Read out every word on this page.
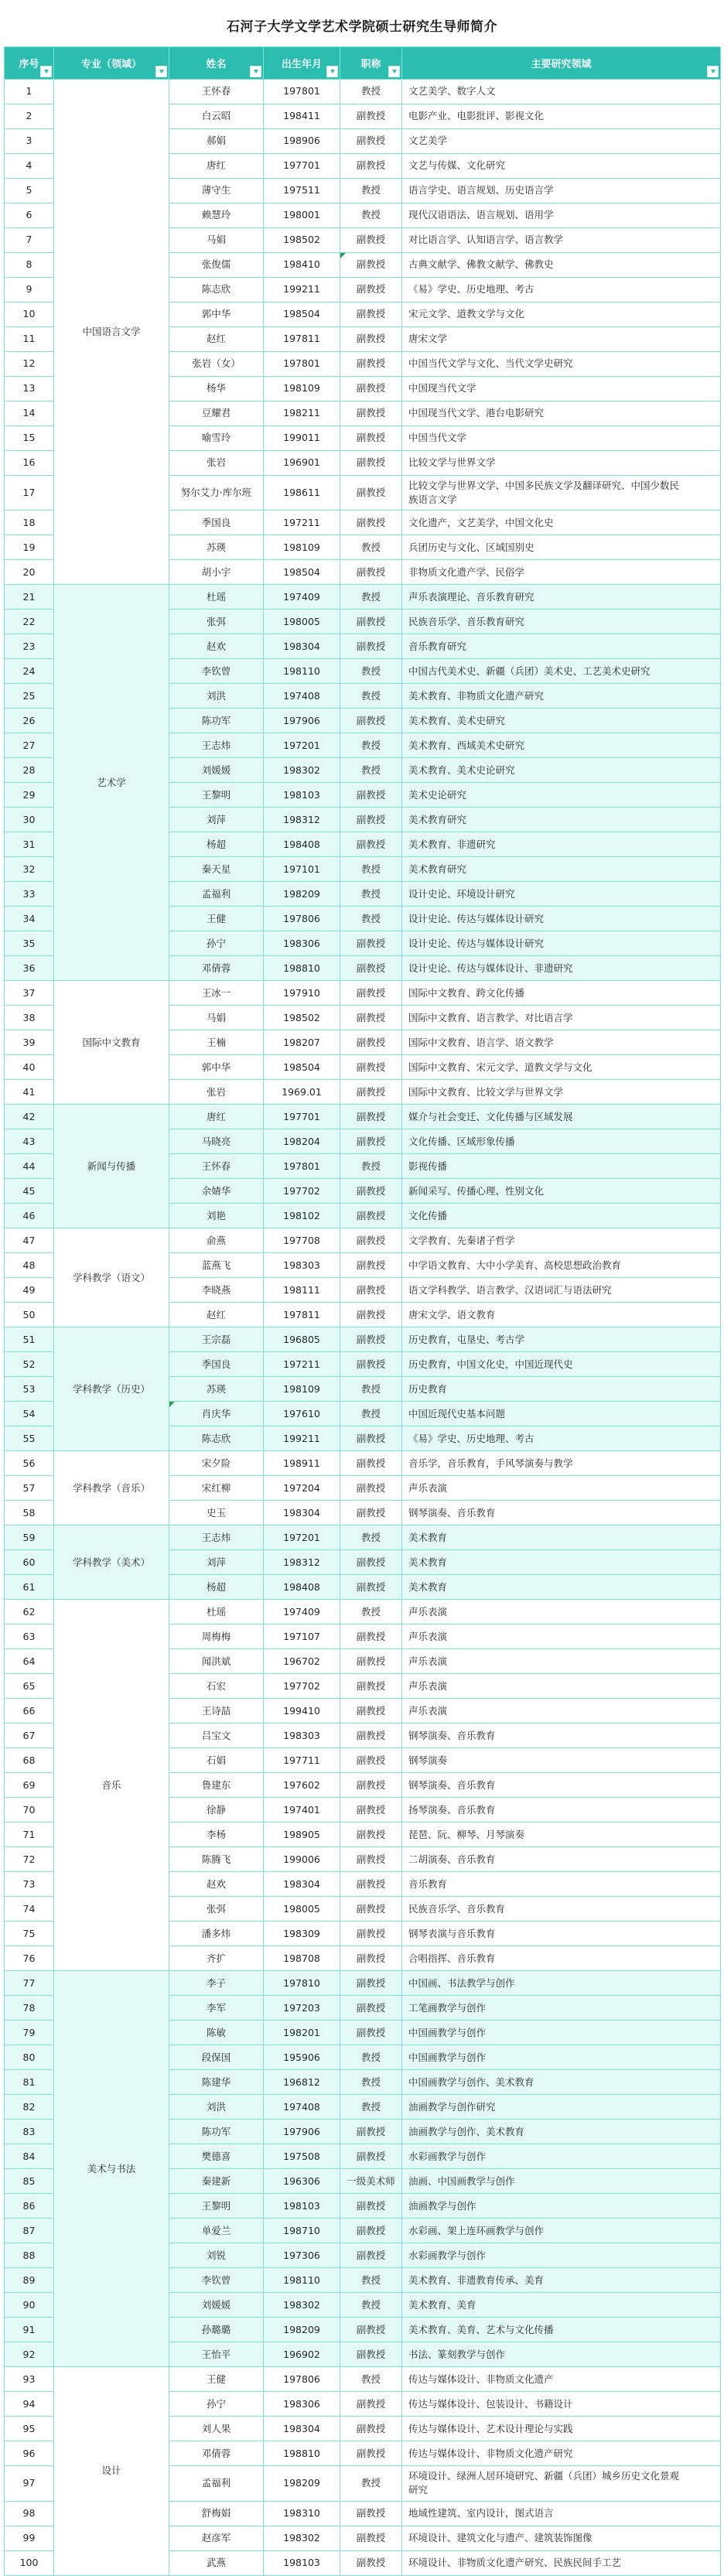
石河子大学文学艺术学院硕士研究生导师简介
序号	专业（领域）	姓名	出生年月	职称	主要研究领域

1	中国语言文学	王怀春	197801	教授	文艺美学、数字人文
2		白云昭	198411	副教授	电影产业、电影批评、影视文化
3		郝娟	198906	副教授	文艺美学
4		唐红	197701	副教授	文艺与传媒、文化研究
5		薄守生	197511	教授	语言学史、语言规划、历史语言学
6		赖慧玲	198001	教授	现代汉语语法、语言规划、语用学
7		马娟	198502	副教授	对比语言学、认知语言学、语言教学
8		张俊儒	198410	副教授	古典文献学、佛教文献学、佛教史
9		陈志欣	199211	副教授	《易》学史、历史地理、考古
10		郭中华	198504	副教授	宋元文学、道教文学与文化
11		赵红	197811	副教授	唐宋文学
12		张岩（女）	197801	副教授	中国当代文学与文化、当代文学史研究
13		杨华	198109	副教授	中国现当代文学
14		豆耀君	198211	副教授	中国现当代文学、港台电影研究
15		喻雪玲	199011	副教授	中国当代文学
16		张岩	196901	副教授	比较文学与世界文学
17		努尔艾力·库尔班	198611	副教授	比较文学与世界文学、中国多民族文学及翻译研究、中国少数民族语言文学
18		季国良	197211	副教授	文化遗产，文艺美学，中国文化史
19		苏瑛	198109	教授	兵团历史与文化、区域国别史
20		胡小宇	198504	副教授	非物质文化遗产学、民俗学
21	艺术学	杜瑶	197409	教授	声乐表演理论、音乐教育研究
22		张弭	198005	副教授	民族音乐学、音乐教育研究
23		赵欢	198304	副教授	音乐教育研究
24		李钦曾	198110	教授	中国古代美术史、新疆（兵团）美术史、工艺美术史研究
25		刘洪	197408	教授	美术教育、非物质文化遗产研究
26		陈功军	197906	副教授	美术教育、美术史研究
27		王志炜	197201	教授	美术教育、西域美术史研究
28		刘媛媛	198302	教授	美术教育、美术史论研究
29		王黎明	198103	副教授	美术史论研究
30		刘萍	198312	副教授	美术教育研究
31		杨超	198408	副教授	美术教育、非遗研究
32		秦天星	197101	教授	美术教育研究
33		孟福利	198209	教授	设计史论、环境设计研究
34		王健	197806	教授	设计史论、传达与媒体设计研究
35		孙宁	198306	副教授	设计史论、传达与媒体设计研究
36		邓倩蓉	198810	副教授	设计史论、传达与媒体设计、非遗研究
37	国际中文教育	王冰一	197910	副教授	国际中文教育、跨文化传播
38		马娟	198502	副教授	国际中文教育、语言教学、对比语言学
39		王楠	198207	副教授	国际中文教育、语言学、语文教学
40		郭中华	198504	副教授	国际中文教育、宋元文学、道教文学与文化
41		张岩	1969.01	副教授	国际中文教育、比较文学与世界文学
42	新闻与传播	唐红	197701	副教授	媒介与社会变迁、文化传播与区域发展
43		马晓亮	198204	副教授	文化传播、区域形象传播
44		王怀春	197801	教授	影视传播
45		余婧华	197702	副教授	新闻采写、传播心理、性别文化
46		刘艳	198102	副教授	文化传播
47	学科教学（语文）	俞燕	197708	副教授	文学教育、先秦诸子哲学
48		蓝燕飞	198303	副教授	中学语文教育、大中小学美育、高校思想政治教育
49		李晓燕	198111	副教授	语文学科教学、语言教学、汉语词汇与语法研究
50		赵红	197811	副教授	唐宋文学、语文教育
51	学科教学（历史）	王宗磊	196805	副教授	历史教育，屯垦史、考古学
52		季国良	197211	副教授	历史教育，中国文化史，中国近现代史
53		苏瑛	198109	教授	历史教育
54		肖庆华	197610	教授	中国近现代史基本问题
55		陈志欣	199211	副教授	《易》学史、历史地理、考古
56	学科教学（音乐）	宋夕险	198911	副教授	音乐学，音乐教育，手风琴演奏与教学
57		宋红柳	197204	副教授	声乐表演
58		史玉	198304	副教授	钢琴演奏、音乐教育
59	学科教学（美术）	王志炜	197201	教授	美术教育
60		刘萍	198312	副教授	美术教育
61		杨超	198408	副教授	美术教育
62	音乐	杜瑶	197409	教授	声乐表演
63		周梅梅	197107	副教授	声乐表演
64		闻洪斌	196702	副教授	声乐表演
65		石宏	197702	副教授	声乐表演
66		王诗喆	199410	副教授	声乐表演
67		吕宝文	198303	副教授	钢琴演奏、音乐教育
68		石娟	197711	副教授	钢琴演奏
69		鲁建东	197602	副教授	钢琴演奏、音乐教育
70		徐静	197401	副教授	扬琴演奏、音乐教育
71		李杨	198905	副教授	琵琶、阮、柳琴、月琴演奏
72		陈腾飞	199006	副教授	二胡演奏、音乐教育
73		赵欢	198304	副教授	音乐教育
74		张弭	198005	副教授	民族音乐学、音乐教育
75		潘多炜	198309	副教授	钢琴表演与音乐教育
76		齐扩	198708	副教授	合唱指挥、音乐教育
77	美术与书法	李子	197810	副教授	中国画、书法教学与创作
78		李军	197203	副教授	工笔画教学与创作
79		陈敏	198201	副教授	中国画教学与创作
80		段保国	195906	教授	中国画教学与创作
81		陈建华	196812	教授	中国画教学与创作、美术教育
82		刘洪	197408	教授	油画教学与创作研究
83		陈功军	197906	副教授	油画教学与创作、美术教育
84		樊德喜	197508	副教授	水彩画教学与创作
85		秦建新	196306	一级美术师	油画、中国画教学与创作
86		王黎明	198103	副教授	油画教学与创作
87		单爱兰	198710	副教授	水彩画、架上连环画教学与创作
88		刘锐	197306	副教授	水彩画教学与创作
89		李钦曾	198110	教授	美术教育、非遗教育传承、美育
90		刘媛媛	198302	教授	美术教育、美育
91		孙璐璐	198209	副教授	美术教育、美育、艺术与文化传播
92		王怡平	196902	副教授	书法、篆刻教学与创作
93	设计	王健	197806	教授	传达与媒体设计、非物质文化遗产
94		孙宁	198306	副教授	传达与媒体设计、包装设计、书籍设计
95		刘人果	198304	副教授	传达与媒体设计、艺术设计理论与实践
96		邓倩蓉	198810	副教授	传达与媒体设计、非物质文化遗产研究
97		孟福利	198209	教授	环境设计、绿洲人居环境研究、新疆（兵团）城乡历史文化景观研究
98		舒梅娟	198310	副教授	地域性建筑、室内设计，图式语言
99		赵彦军	198302	副教授	环境设计、建筑文化与遗产、建筑装饰图像
100		武燕	198103	副教授	环境设计、非物质文化遗产研究、民族民间手工艺
